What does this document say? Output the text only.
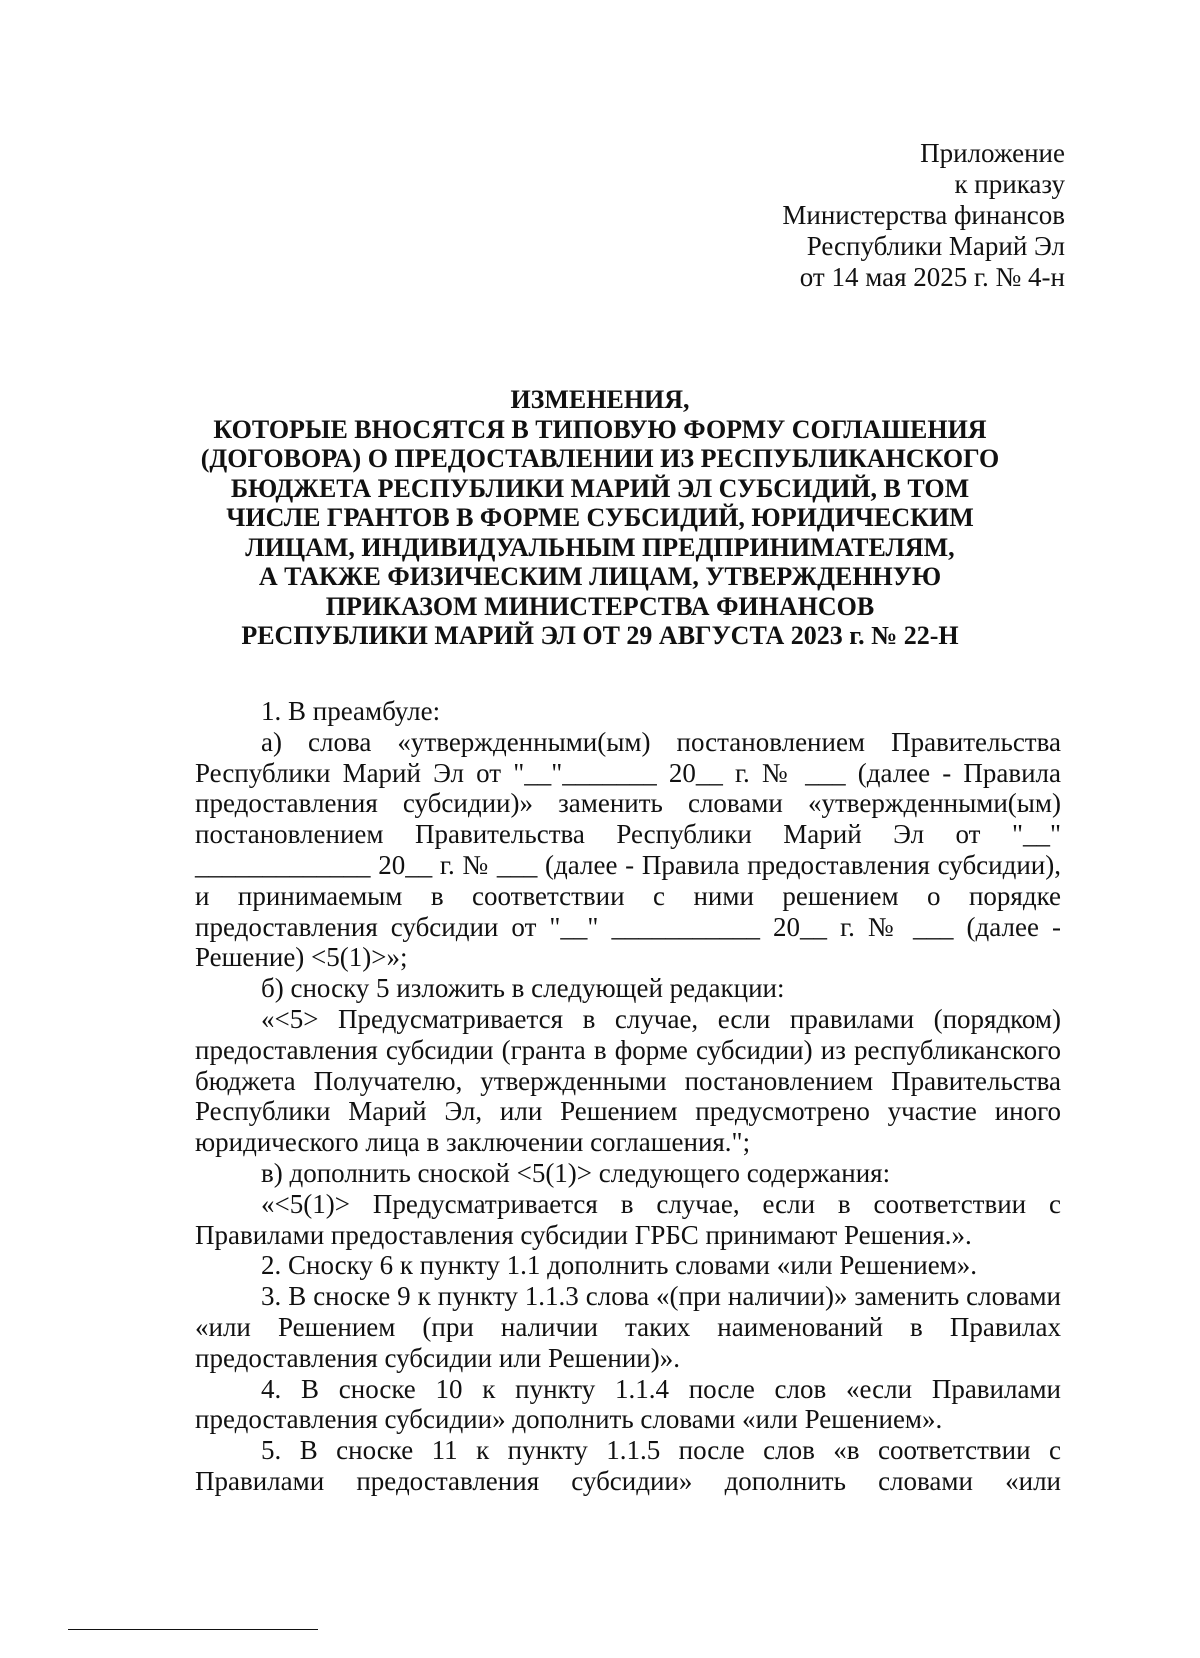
Приложение
к приказу
Министерства финансов
Республики Марий Эл
от 14 мая 2025 г. № 4-н
ИЗМЕНЕНИЯ,
КОТОРЫЕ ВНОСЯТСЯ В ТИПОВУЮ ФОРМУ СОГЛАШЕНИЯ
(ДОГОВОРА) О ПРЕДОСТАВЛЕНИИ ИЗ РЕСПУБЛИКАНСКОГО
БЮДЖЕТА РЕСПУБЛИКИ МАРИЙ ЭЛ СУБСИДИЙ, В ТОМ
ЧИСЛЕ ГРАНТОВ В ФОРМЕ СУБСИДИЙ, ЮРИДИЧЕСКИМ
ЛИЦАМ, ИНДИВИДУАЛЬНЫМ ПРЕДПРИНИМАТЕЛЯМ,
А ТАКЖЕ ФИЗИЧЕСКИМ ЛИЦАМ, УТВЕРЖДЕННУЮ
ПРИКАЗОМ МИНИСТЕРСТВА ФИНАНСОВ
РЕСПУБЛИКИ МАРИЙ ЭЛ ОТ 29 АВГУСТА 2023 г. № 22-Н

1. В преамбуле:

а) слова «утвержденными(ым) постановлением Правительства Республики Марий Эл от "__"_______ 20__ г. № ___ (далее - Правила предоставления субсидии)» заменить словами «утвержденными(ым) постановлением Правительства Республики Марий Эл от "__" _____________ 20__ г. № ___ (далее - Правила предоставления субсидии), и принимаемым в соответствии с ними решением о порядке предоставления субсидии от "__" ___________ 20__ г. № ___ (далее - Решение) <5(1)>»;

б) сноску 5 изложить в следующей редакции:

«<5> Предусматривается в случае, если правилами (порядком) предоставления субсидии (гранта в форме субсидии) из республиканского бюджета Получателю, утвержденными постановлением Правительства Республики Марий Эл, или Решением предусмотрено участие иного юридического лица в заключении соглашения.";

в) дополнить сноской <5(1)> следующего содержания:

«<5(1)> Предусматривается в случае, если в соответствии с Правилами предоставления субсидии ГРБС принимают Решения.».

2. Сноску 6 к пункту 1.1 дополнить словами «или Решением».

3. В сноске 9 к пункту 1.1.3 слова «(при наличии)» заменить словами «или Решением (при наличии таких наименований в Правилах предоставления субсидии или Решении)».

4. В сноске 10 к пункту 1.1.4 после слов «если Правилами предоставления субсидии» дополнить словами «или Решением».

5. В сноске 11 к пункту 1.1.5 после слов «в соответствии с Правилами предоставления субсидии» дополнить словами «или
